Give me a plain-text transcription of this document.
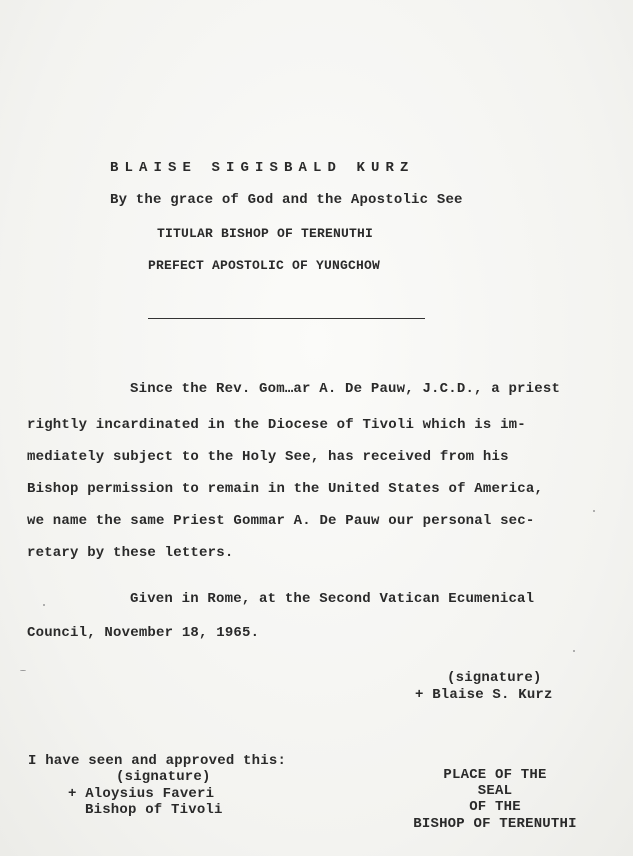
BLAISE SIGISBALD KURZ
By the grace of God and the Apostolic See
TITULAR BISHOP OF TERENUTHI
PREFECT APOSTOLIC OF YUNGCHOW
Since the Rev. Gom…ar A. De Pauw, J.C.D., a priest
rightly incardinated in the Diocese of Tivoli which is im-
mediately subject to the Holy See, has received from his
Bishop permission to remain in the United States of America,
we name the same Priest Gommar A. De Pauw our personal sec-
retary by these letters.
Given in Rome, at the Second Vatican Ecumenical
Council, November 18, 1965.
(signature)
+ Blaise S. Kurz
I have seen and approved this:
(signature)
+ Aloysius Faveri
Bishop of Tivoli
PLACE OF THE
SEAL
OF THE
BISHOP OF TERENUTHI
